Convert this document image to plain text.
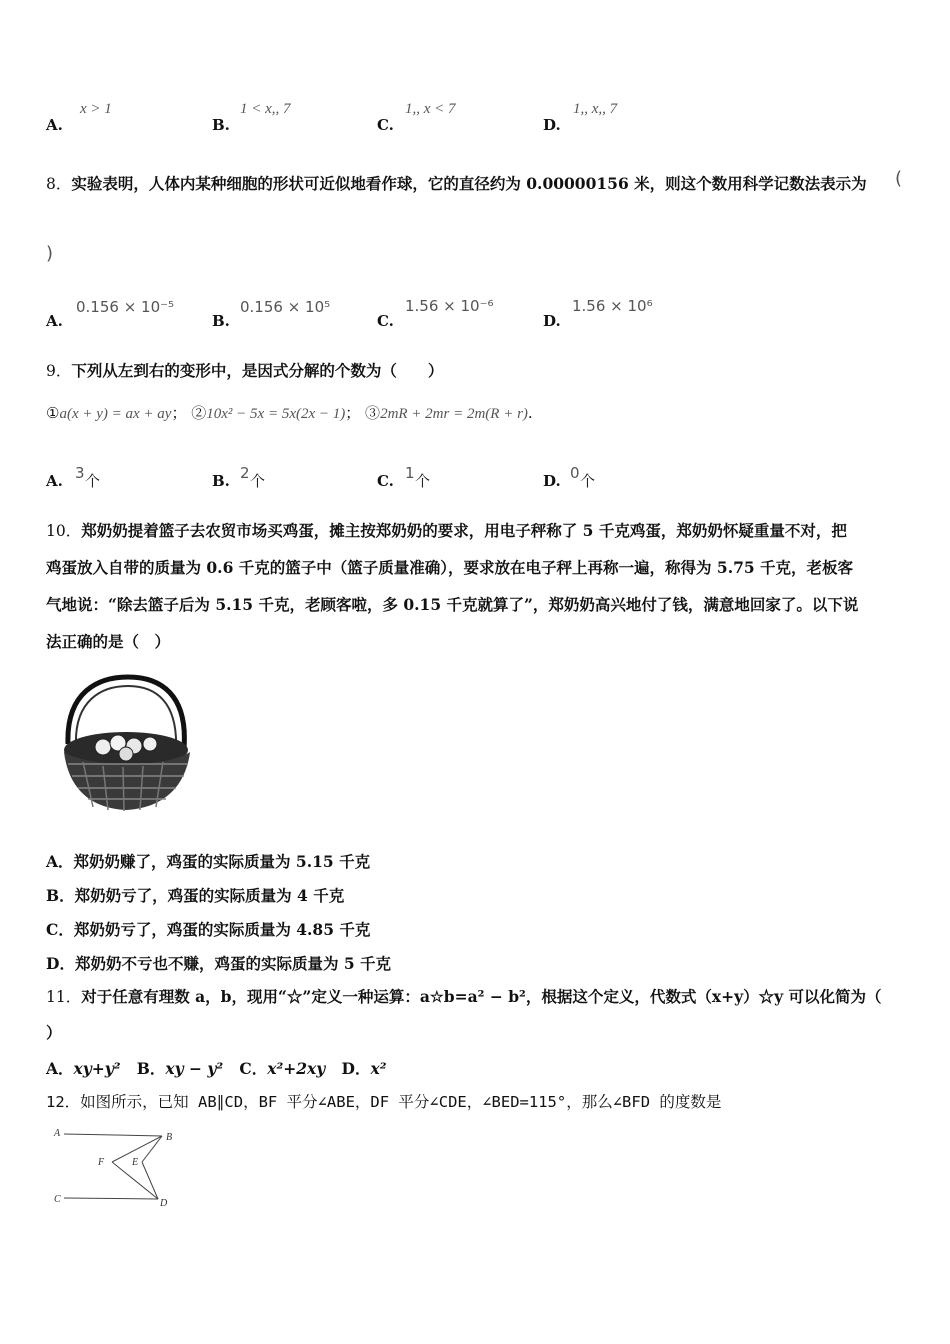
A.
x > 1
B.
1 < x,, 7
C.
1,, x < 7
D.
1,, x,, 7
8．实验表明，人体内某种细胞的形状可近似地看作球，它的直径约为 0.00000156 米，则这个数用科学记数法表示为 (
)
A.
0.156 × 10⁻⁵
B.
0.156 × 10⁵
C.
1.56 × 10⁻⁶
D.
1.56 × 10⁶
9．下列从左到右的变形中，是因式分解的个数为（　　）
①a(x + y) = ax + ay； ②10x² − 5x = 5x(2x − 1)； ③2mR + 2mr = 2m(R + r).
A. 3 个	B. 2 个	C. 1 个	D. 0 个
10．郑奶奶提着篮子去农贸市场买鸡蛋，摊主按郑奶奶的要求，用电子秤称了 5 千克鸡蛋，郑奶奶怀疑重量不对，把
鸡蛋放入自带的质量为 0.6 千克的篮子中（篮子质量准确），要求放在电子秤上再称一遍，称得为 5.75 千克，老板客
气地说：“除去篮子后为 5.15 千克，老顾客啦，多 0.15 千克就算了”，郑奶奶高兴地付了钱，满意地回家了。以下说
法正确的是（　）
A．郑奶奶赚了，鸡蛋的实际质量为 5.15 千克
B．郑奶奶亏了，鸡蛋的实际质量为 4 千克
C．郑奶奶亏了，鸡蛋的实际质量为 4.85 千克
D．郑奶奶不亏也不赚，鸡蛋的实际质量为 5 千克
11．对于任意有理数 a，b，现用“☆”定义一种运算：a☆b=a² − b²，根据这个定义，代数式（x+y）☆y 可以化简为（
）
A．xy+y² B．xy − y² C．x²+2xy D．x²
12．如图所示，已知 AB∥CD，BF 平分∠ABE，DF 平分∠CDE，∠BED=115°，那么∠BFD 的度数是
A	B
C	D
E
F
